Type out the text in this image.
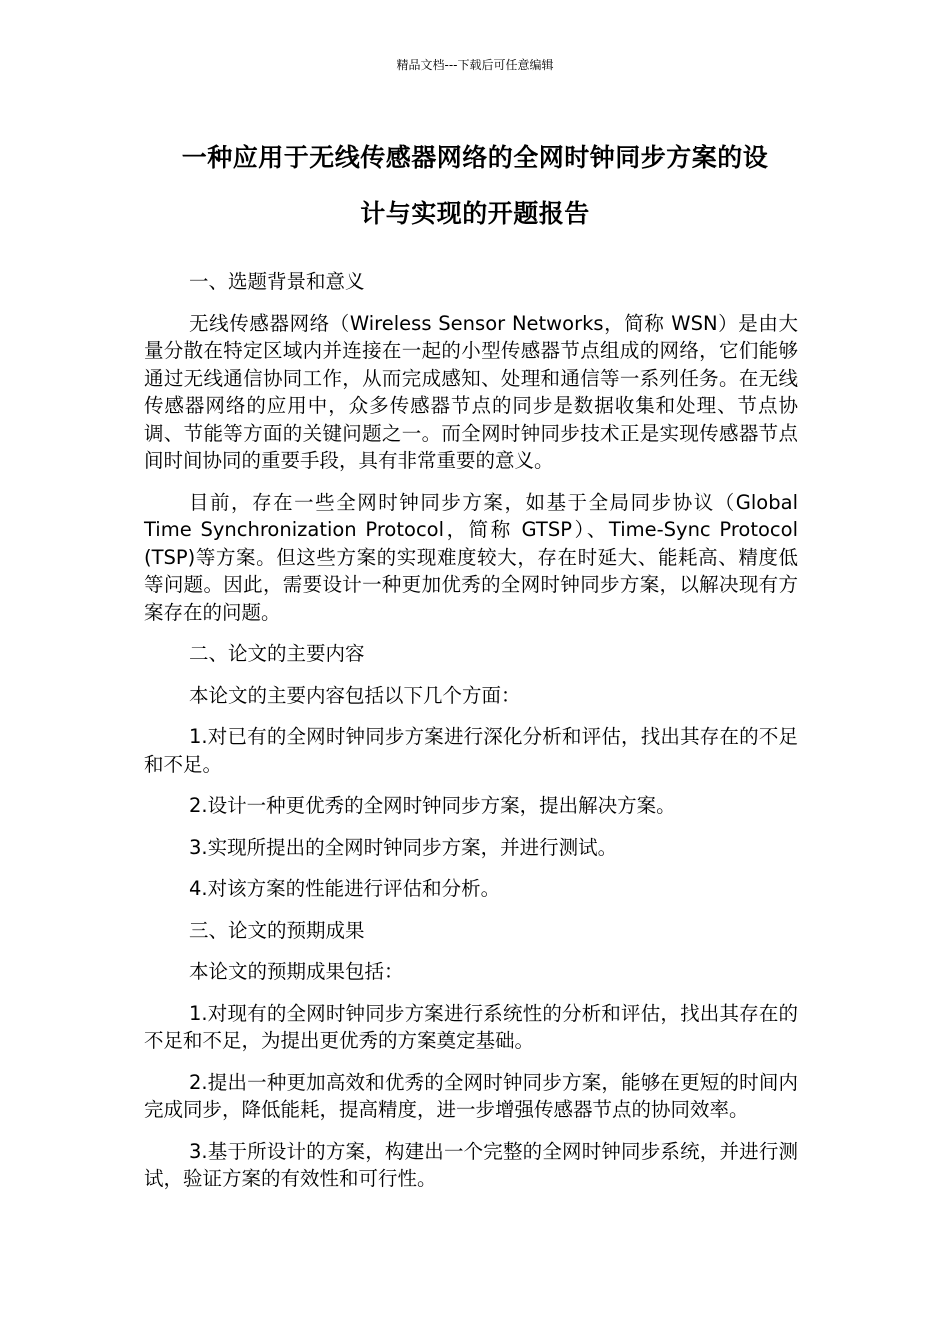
精品文档---下载后可任意编辑
一种应用于无线传感器网络的全网时钟同步方案的设
计与实现的开题报告

一、选题背景和意义

无线传感器网络（Wireless Sensor Networks，简称 WSN）是由大量分散在特定区域内并连接在一起的小型传感器节点组成的网络，它们能够通过无线通信协同工作，从而完成感知、处理和通信等一系列任务。在无线传感器网络的应用中，众多传感器节点的同步是数据收集和处理、节点协调、节能等方面的关键问题之一。而全网时钟同步技术正是实现传感器节点间时间协同的重要手段，具有非常重要的意义。

目前，存在一些全网时钟同步方案，如基于全局同步协议（Global Time Synchronization Protocol，简称 GTSP）、Time-Sync Protocol (TSP)等方案。但这些方案的实现难度较大，存在时延大、能耗高、精度低等问题。因此，需要设计一种更加优秀的全网时钟同步方案，以解决现有方案存在的问题。

二、论文的主要内容

本论文的主要内容包括以下几个方面：

1.对已有的全网时钟同步方案进行深化分析和评估，找出其存在的不足和不足。

2.设计一种更优秀的全网时钟同步方案，提出解决方案。

3.实现所提出的全网时钟同步方案，并进行测试。

4.对该方案的性能进行评估和分析。

三、论文的预期成果

本论文的预期成果包括：

1.对现有的全网时钟同步方案进行系统性的分析和评估，找出其存在的不足和不足，为提出更优秀的方案奠定基础。

2.提出一种更加高效和优秀的全网时钟同步方案，能够在更短的时间内完成同步，降低能耗，提高精度，进一步增强传感器节点的协同效率。

3.基于所设计的方案，构建出一个完整的全网时钟同步系统，并进行测试，验证方案的有效性和可行性。
